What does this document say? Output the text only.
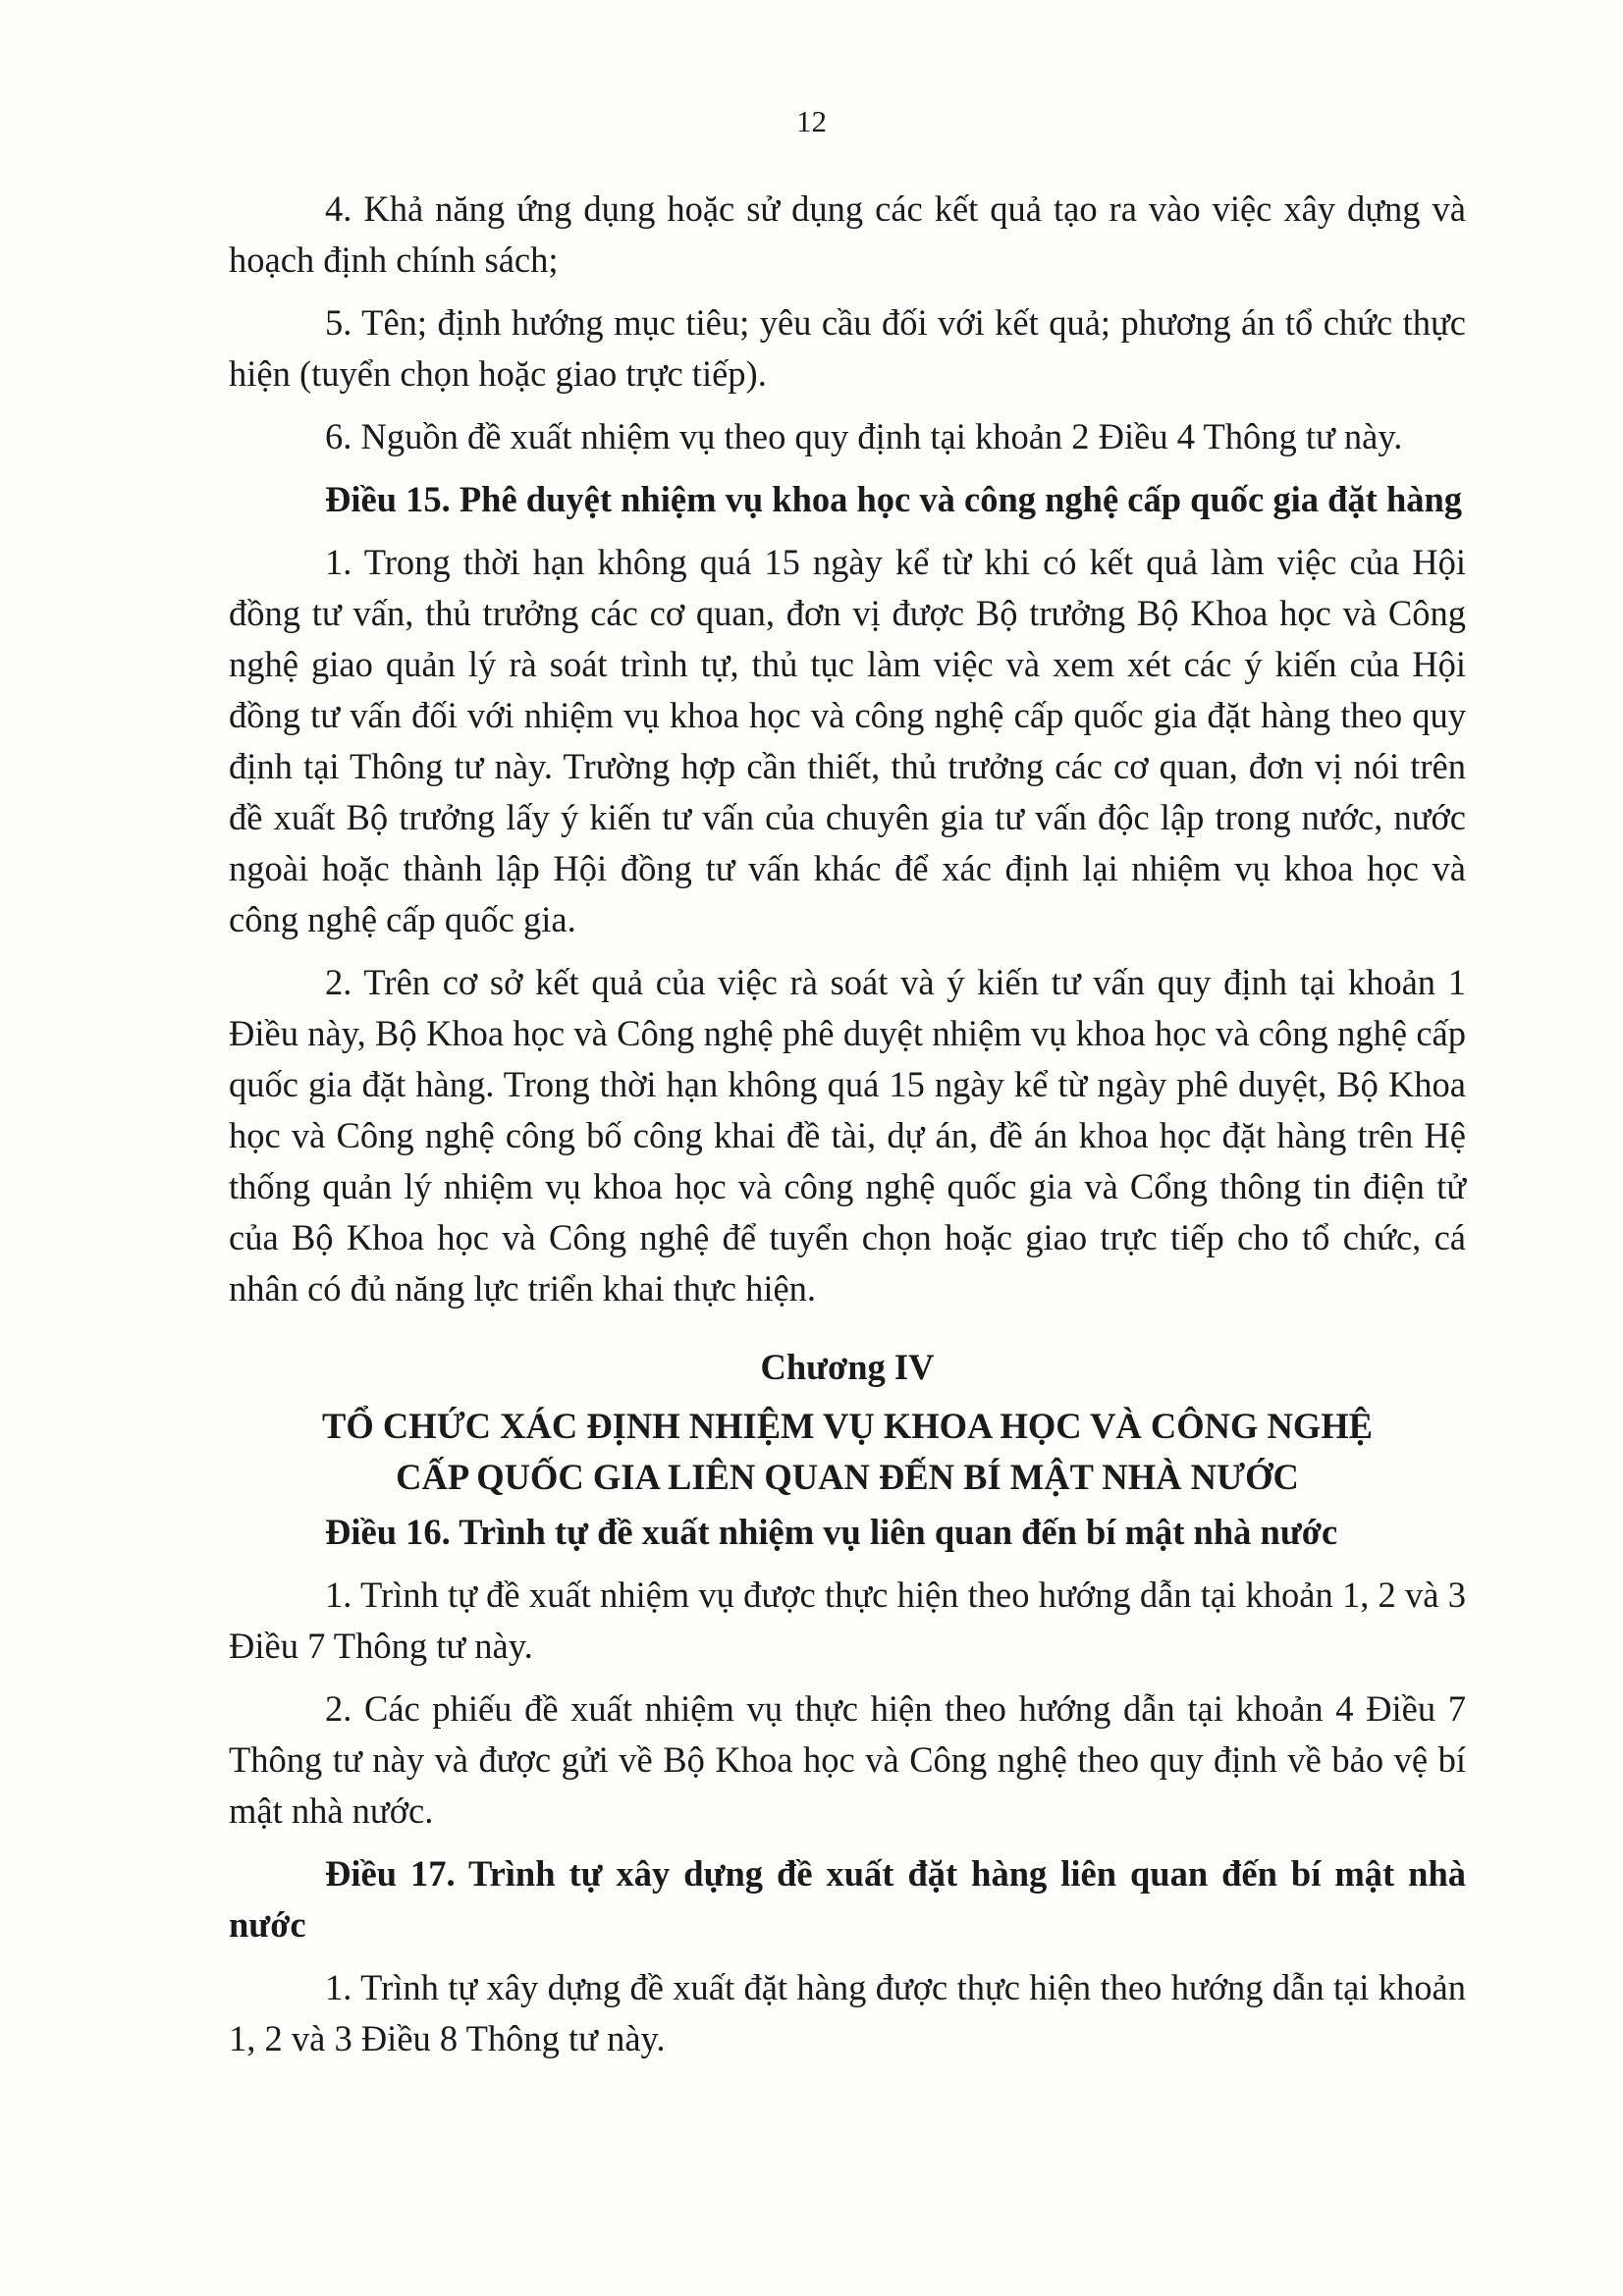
12

4. Khả năng ứng dụng hoặc sử dụng các kết quả tạo ra vào việc xây dựng và hoạch định chính sách;

5. Tên; định hướng mục tiêu; yêu cầu đối với kết quả; phương án tổ chức thực hiện (tuyển chọn hoặc giao trực tiếp).

6. Nguồn đề xuất nhiệm vụ theo quy định tại khoản 2 Điều 4 Thông tư này.

Điều 15. Phê duyệt nhiệm vụ khoa học và công nghệ cấp quốc gia đặt hàng

1. Trong thời hạn không quá 15 ngày kể từ khi có kết quả làm việc của Hội đồng tư vấn, thủ trưởng các cơ quan, đơn vị được Bộ trưởng Bộ Khoa học và Công nghệ giao quản lý rà soát trình tự, thủ tục làm việc và xem xét các ý kiến của Hội đồng tư vấn đối với nhiệm vụ khoa học và công nghệ cấp quốc gia đặt hàng theo quy định tại Thông tư này. Trường hợp cần thiết, thủ trưởng các cơ quan, đơn vị nói trên đề xuất Bộ trưởng lấy ý kiến tư vấn của chuyên gia tư vấn độc lập trong nước, nước ngoài hoặc thành lập Hội đồng tư vấn khác để xác định lại nhiệm vụ khoa học và công nghệ cấp quốc gia.

2. Trên cơ sở kết quả của việc rà soát và ý kiến tư vấn quy định tại khoản 1 Điều này, Bộ Khoa học và Công nghệ phê duyệt nhiệm vụ khoa học và công nghệ cấp quốc gia đặt hàng. Trong thời hạn không quá 15 ngày kể từ ngày phê duyệt, Bộ Khoa học và Công nghệ công bố công khai đề tài, dự án, đề án khoa học đặt hàng trên Hệ thống quản lý nhiệm vụ khoa học và công nghệ quốc gia và Cổng thông tin điện tử của Bộ Khoa học và Công nghệ để tuyển chọn hoặc giao trực tiếp cho tổ chức, cá nhân có đủ năng lực triển khai thực hiện.

Chương IV

TỔ CHỨC XÁC ĐỊNH NHIỆM VỤ KHOA HỌC VÀ CÔNG NGHỆ

CẤP QUỐC GIA LIÊN QUAN ĐẾN BÍ MẬT NHÀ NƯỚC

Điều 16. Trình tự đề xuất nhiệm vụ liên quan đến bí mật nhà nước

1. Trình tự đề xuất nhiệm vụ được thực hiện theo hướng dẫn tại khoản 1, 2 và 3 Điều 7 Thông tư này.

2. Các phiếu đề xuất nhiệm vụ thực hiện theo hướng dẫn tại khoản 4 Điều 7 Thông tư này và được gửi về Bộ Khoa học và Công nghệ theo quy định về bảo vệ bí mật nhà nước.

Điều 17. Trình tự xây dựng đề xuất đặt hàng liên quan đến bí mật nhà nước

1. Trình tự xây dựng đề xuất đặt hàng được thực hiện theo hướng dẫn tại khoản 1, 2 và 3 Điều 8 Thông tư này.
